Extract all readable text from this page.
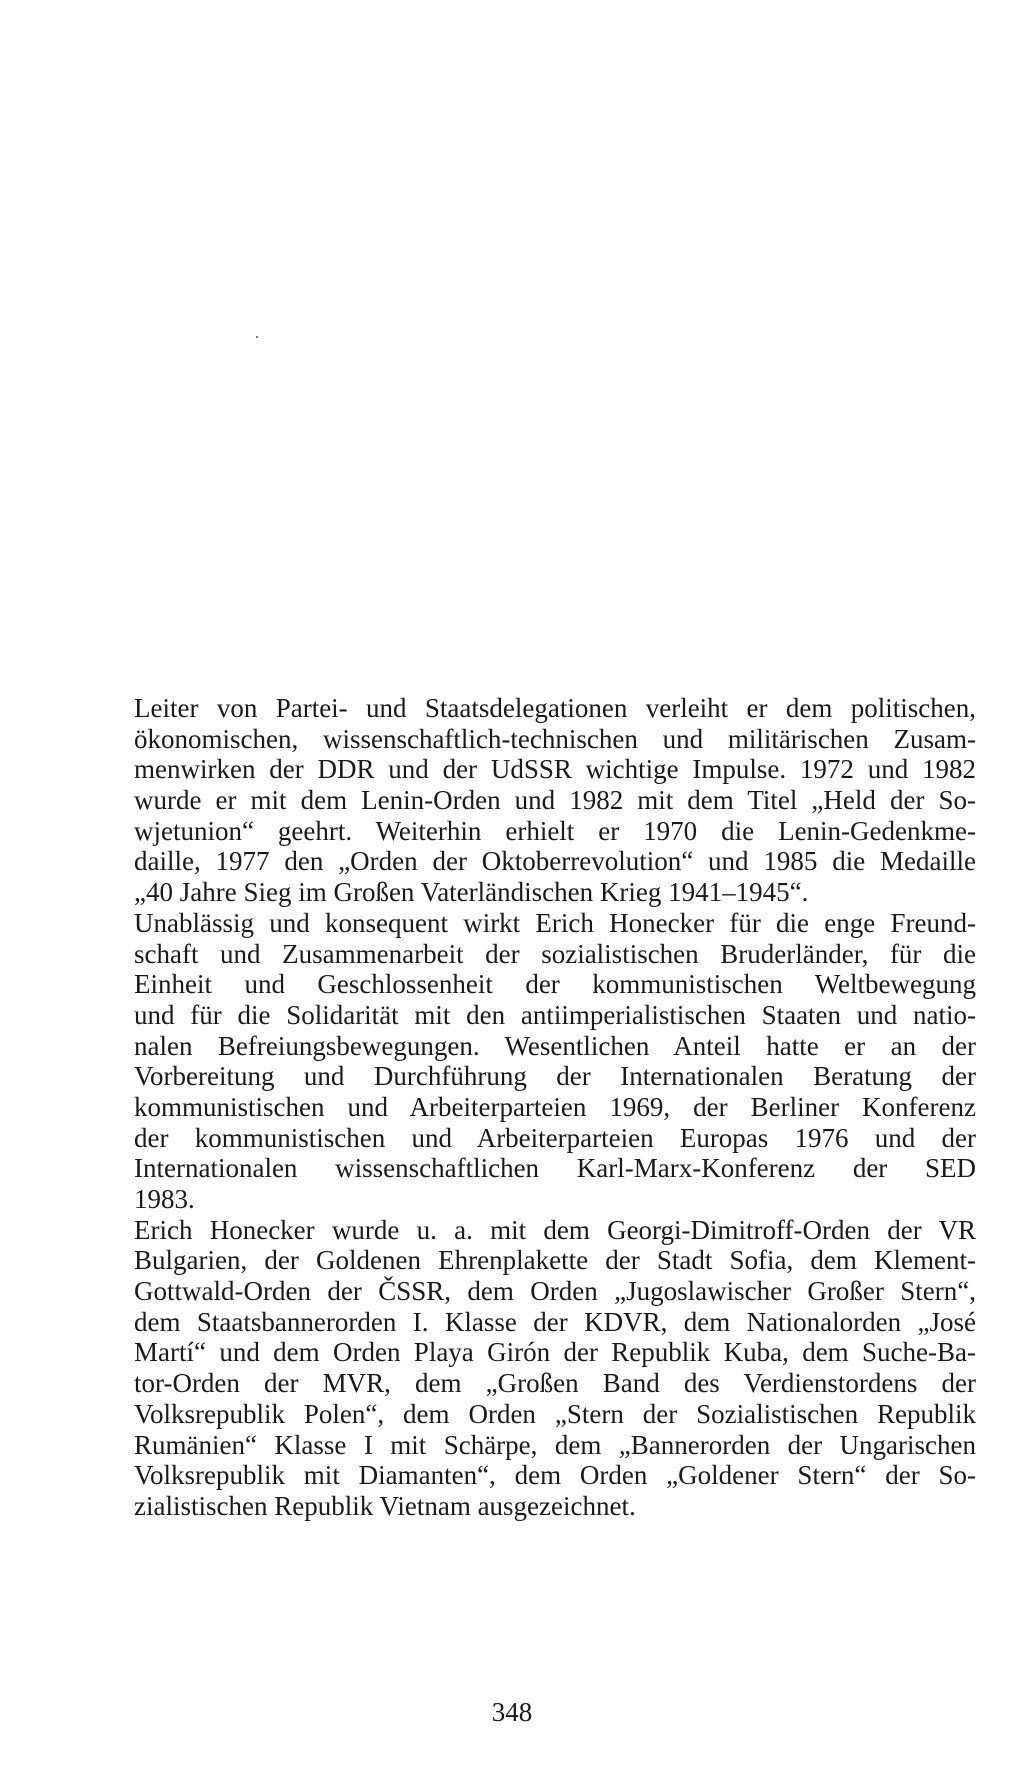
Leiter von Partei- und Staatsdelegationen verleiht er dem politischen,
ökonomischen, wissenschaftlich-technischen und militärischen Zusam-
menwirken der DDR und der UdSSR wichtige Impulse. 1972 und 1982
wurde er mit dem Lenin-Orden und 1982 mit dem Titel „Held der So-
wjetunion“ geehrt. Weiterhin erhielt er 1970 die Lenin-Gedenkme-
daille, 1977 den „Orden der Oktoberrevolution“ und 1985 die Medaille
„40 Jahre Sieg im Großen Vaterländischen Krieg 1941–1945“.
Unablässig und konsequent wirkt Erich Honecker für die enge Freund-
schaft und Zusammenarbeit der sozialistischen Bruderländer, für die
Einheit und Geschlossenheit der kommunistischen Weltbewegung
und für die Solidarität mit den antiimperialistischen Staaten und natio-
nalen Befreiungsbewegungen. Wesentlichen Anteil hatte er an der
Vorbereitung und Durchführung der Internationalen Beratung der
kommunistischen und Arbeiterparteien 1969, der Berliner Konferenz
der kommunistischen und Arbeiterparteien Europas 1976 und der
Internationalen wissenschaftlichen Karl-Marx-Konferenz der SED
1983.
Erich Honecker wurde u. a. mit dem Georgi-Dimitroff-Orden der VR
Bulgarien, der Goldenen Ehrenplakette der Stadt Sofia, dem Klement-
Gottwald-Orden der ČSSR, dem Orden „Jugoslawischer Großer Stern“,
dem Staatsbannerorden I. Klasse der KDVR, dem Nationalorden „José
Martí“ und dem Orden Playa Girón der Republik Kuba, dem Suche-Ba-
tor-Orden der MVR, dem „Großen Band des Verdienstordens der
Volksrepublik Polen“, dem Orden „Stern der Sozialistischen Republik
Rumänien“ Klasse I mit Schärpe, dem „Bannerorden der Ungarischen
Volksrepublik mit Diamanten“, dem Orden „Goldener Stern“ der So-
zialistischen Republik Vietnam ausgezeichnet.
348
